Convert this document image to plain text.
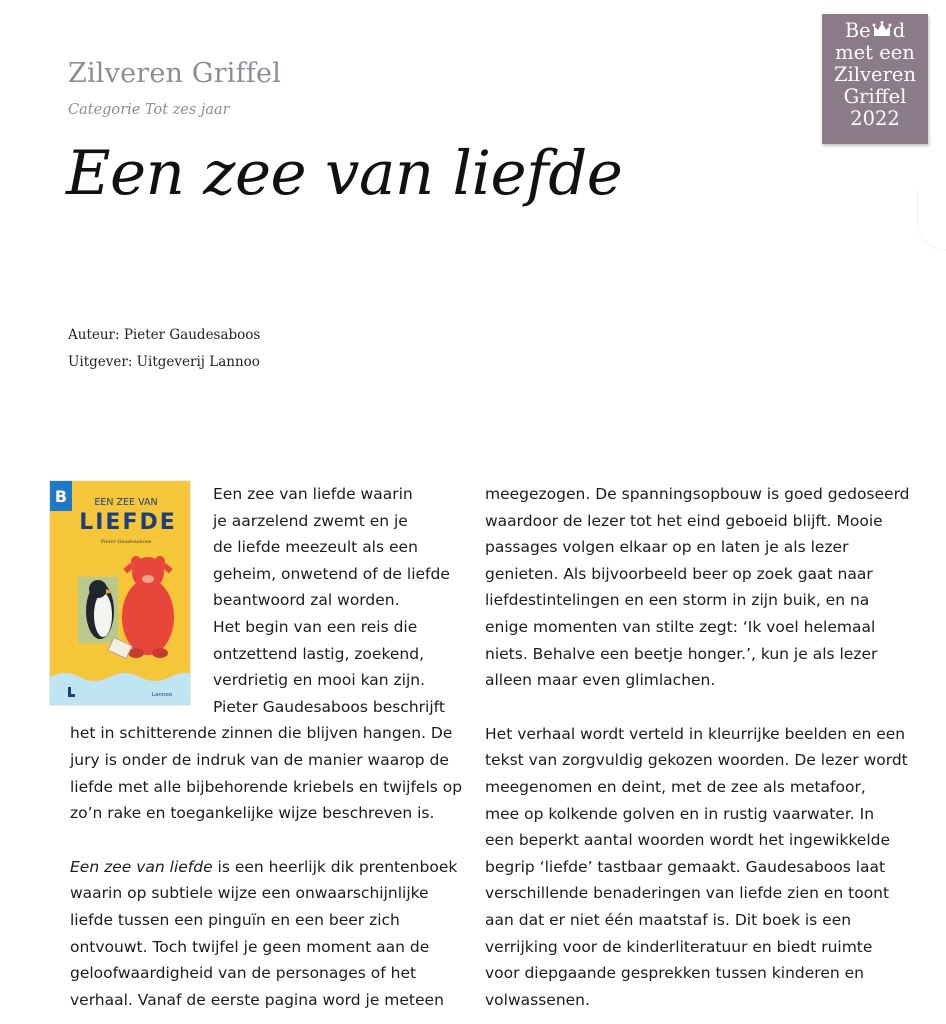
Zilveren Griffel
Categorie Tot zes jaar
Een zee van liefde
Be d
met een
Zilveren
Griffel
2022
Auteur: Pieter Gaudesaboos
Uitgever: Uitgeverij Lannoo
B	EEN ZEE VAN
LIEFDE
Pieter Gaudesaboos
Lannoo

Een zee van liefde waarin
je aarzelend zwemt en je
de liefde meezeult als een
geheim, onwetend of de liefde
beantwoord zal worden.
Het begin van een reis die
ontzettend lastig, zoekend,
verdrietig en mooi kan zijn.
Pieter Gaudesaboos beschrijft
het in schitterende zinnen die blijven hangen. De
jury is onder de indruk van de manier waarop de
liefde met alle bijbehorende kriebels en twijfels op
zo’n rake en toegankelijke wijze beschreven is.

Een zee van liefde is een heerlijk dik prentenboek
waarin op subtiele wijze een onwaarschijnlijke
liefde tussen een pinguïn en een beer zich
ontvouwt. Toch twijfel je geen moment aan de
geloofwaardigheid van de personages of het
verhaal. Vanaf de eerste pagina word je meteen

meegezogen. De spanningsopbouw is goed gedoseerd
waardoor de lezer tot het eind geboeid blijft. Mooie
passages volgen elkaar op en laten je als lezer
genieten. Als bijvoorbeeld beer op zoek gaat naar
liefdestintelingen en een storm in zijn buik, en na
enige momenten van stilte zegt: ‘Ik voel helemaal
niets. Behalve een beetje honger.’, kun je als lezer
alleen maar even glimlachen.

Het verhaal wordt verteld in kleurrijke beelden en een
tekst van zorgvuldig gekozen woorden. De lezer wordt
meegenomen en deint, met de zee als metafoor,
mee op kolkende golven en in rustig vaarwater. In
een beperkt aantal woorden wordt het ingewikkelde
begrip ‘liefde’ tastbaar gemaakt. Gaudesaboos laat
verschillende benaderingen van liefde zien en toont
aan dat er niet één maatstaf is. Dit boek is een
verrijking voor de kinderliteratuur en biedt ruimte
voor diepgaande gesprekken tussen kinderen en
volwassenen.
